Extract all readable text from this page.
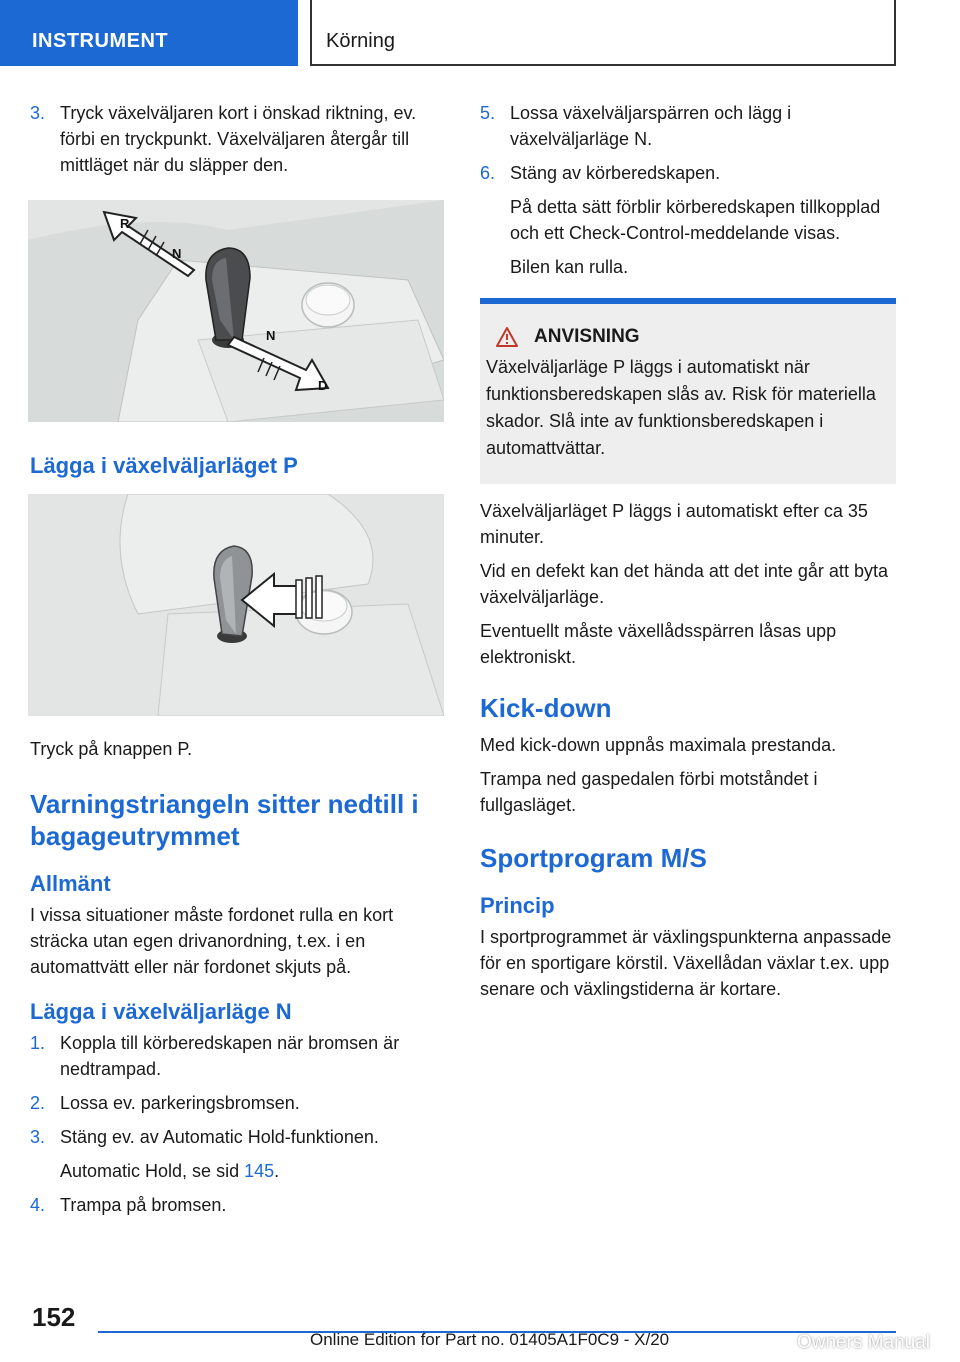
INSTRUMENT	Körning
3. Tryck växelväljaren kort i önskad riktning, ev. förbi en tryckpunkt. Växelväljaren återgår till mittläget när du släpper den.
R
N
N
D
Lägga i växelväljarläget P
Tryck på knappen P.
Varningstriangeln sitter nedtill i bagageutrymmet
Allmänt
I vissa situationer måste fordonet rulla en kort sträcka utan egen drivanordning, t.ex. i en automattvätt eller när fordonet skjuts på.
Lägga i växelväljarläge N
1. Koppla till körberedskapen när bromsen är nedtrampad.
2. Lossa ev. parkeringsbromsen.
3. Stäng ev. av Automatic Hold-funktionen.
Automatic Hold, se sid 145.
4. Trampa på bromsen.
5. Lossa växelväljarspärren och lägg i växelväljarläge N.
6. Stäng av körberedskapen.
På detta sätt förblir körberedskapen tillkopplad och ett Check-Control-meddelande visas.
Bilen kan rulla.
ANVISNING
Växelväljarläge P läggs i automatiskt när funktionsberedskapen slås av. Risk för materiella skador. Slå inte av funktionsberedskapen i automattvättar.
Växelväljarläget P läggs i automatiskt efter ca 35 minuter.
Vid en defekt kan det hända att det inte går att byta växelväljarläge.
Eventuellt måste växellådsspärren låsas upp elektroniskt.
Kick-down
Med kick-down uppnås maximala prestanda.
Trampa ned gaspedalen förbi motståndet i fullgasläget.
Sportprogram M/S
Princip
I sportprogrammet är växlingspunkterna anpassade för en sportigare körstil. Växellådan växlar t.ex. upp senare och växlingstiderna är kortare.
152
Online Edition for Part no. 01405A1F0C9 - X/20	Owners Manual
